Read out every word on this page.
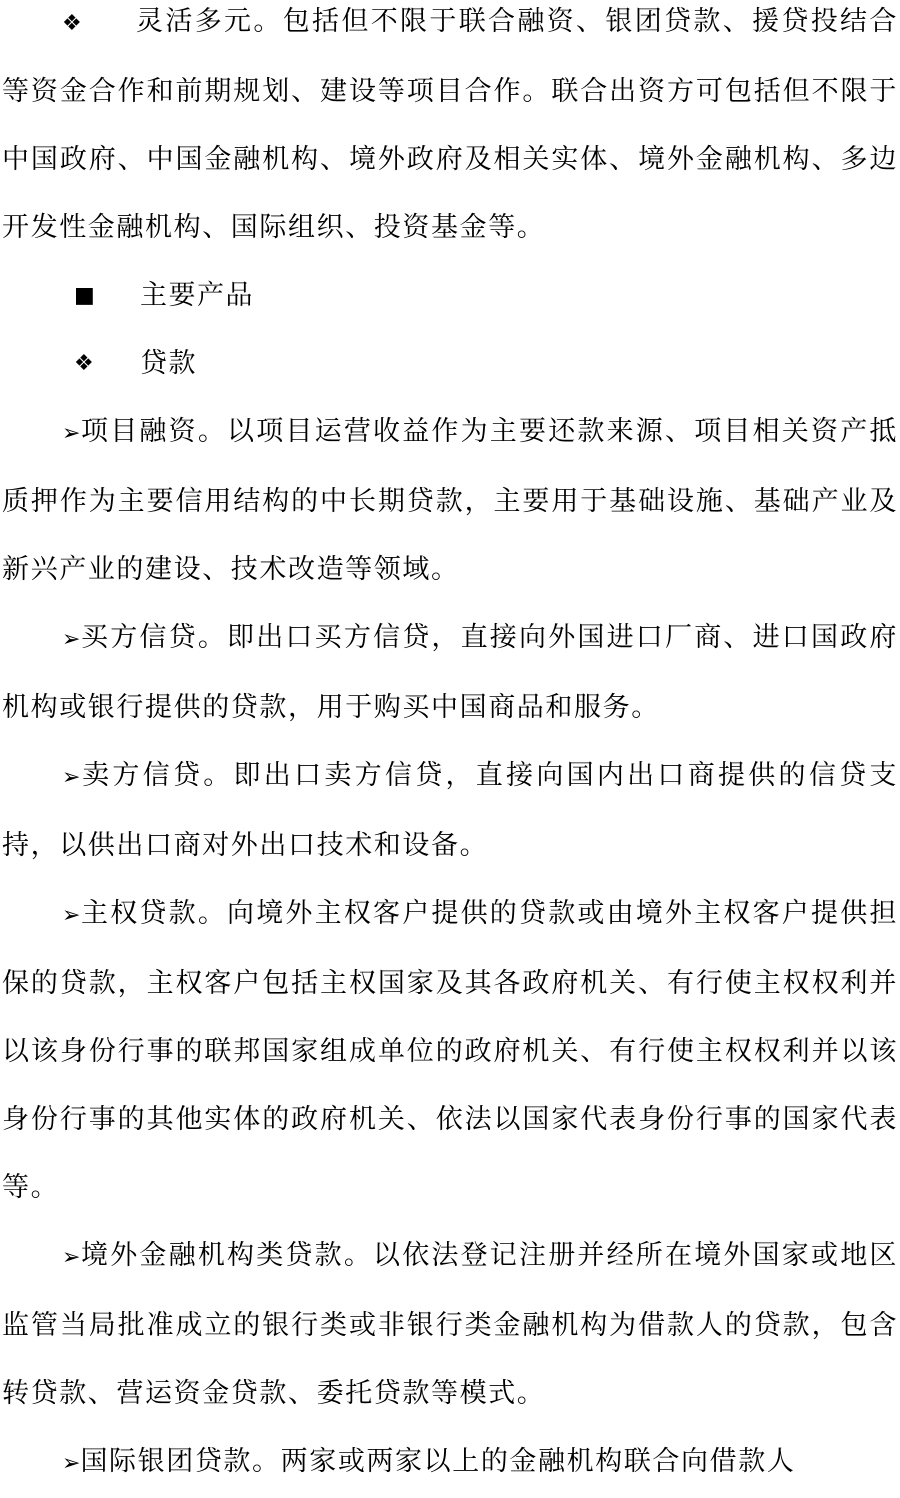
❖ 灵活多元。包括但不限于联合融资、银团贷款、援贷投结合等资金合作和前期规划、建设等项目合作。联合出资方可包括但不限于中国政府、中国金融机构、境外政府及相关实体、境外金融机构、多边开发性金融机构、国际组织、投资基金等。

■	主要产品
❖	贷款

➢项目融资。以项目运营收益作为主要还款来源、项目相关资产抵质押作为主要信用结构的中长期贷款，主要用于基础设施、基础产业及新兴产业的建设、技术改造等领域。

➢买方信贷。即出口买方信贷，直接向外国进口厂商、进口国政府机构或银行提供的贷款，用于购买中国商品和服务。

➢卖方信贷。即出口卖方信贷，直接向国内出口商提供的信贷支持，以供出口商对外出口技术和设备。

➢主权贷款。向境外主权客户提供的贷款或由境外主权客户提供担保的贷款，主权客户包括主权国家及其各政府机关、有行使主权权利并以该身份行事的联邦国家组成单位的政府机关、有行使主权权利并以该身份行事的其他实体的政府机关、依法以国家代表身份行事的国家代表等。

➢境外金融机构类贷款。以依法登记注册并经所在境外国家或地区监管当局批准成立的银行类或非银行类金融机构为借款人的贷款，包含转贷款、营运资金贷款、委托贷款等模式。

➢国际银团贷款。两家或两家以上的金融机构联合向借款人
